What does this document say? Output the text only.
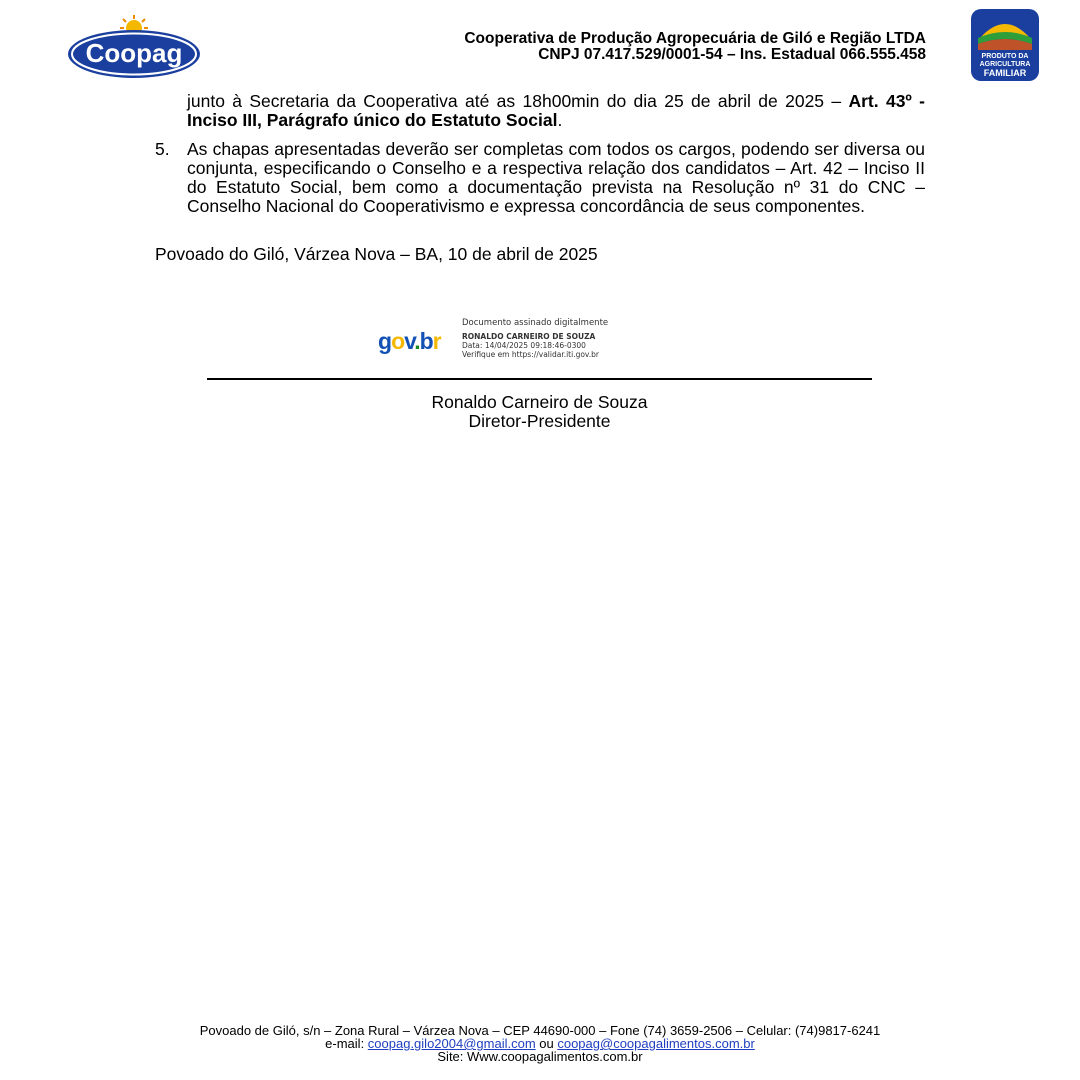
Coopag	Cooperativa de Produção Agropecuária de Giló e Região LTDA
CNPJ 07.417.529/0001-54 – Ins. Estadual 066.555.458	PRODUTO DA
AGRICULTURA
FAMILIAR
junto à Secretaria da Cooperativa até as 18h00min do dia 25 de abril de 2025 – Art. 43º - Inciso III, Parágrafo único do Estatuto Social.
5. As chapas apresentadas deverão ser completas com todos os cargos, podendo ser diversa ou conjunta, especificando o Conselho e a respectiva relação dos candidatos – Art. 42 – Inciso II do Estatuto Social, bem como a documentação prevista na Resolução nº 31 do CNC – Conselho Nacional do Cooperativismo e expressa concordância de seus componentes.
Povoado do Giló, Várzea Nova – BA, 10 de abril de 2025
gov.br
Documento assinado digitalmente
RONALDO CARNEIRO DE SOUZA
Data: 14/04/2025 09:18:46-0300
Verifique em https://validar.iti.gov.br
Ronaldo Carneiro de Souza
Diretor-Presidente
Povoado de Giló, s/n – Zona Rural – Várzea Nova – CEP 44690-000 – Fone (74) 3659-2506 – Celular: (74)9817-6241
e-mail: coopag.gilo2004@gmail.com ou coopag@coopagalimentos.com.br
Site: Www.coopagalimentos.com.br
